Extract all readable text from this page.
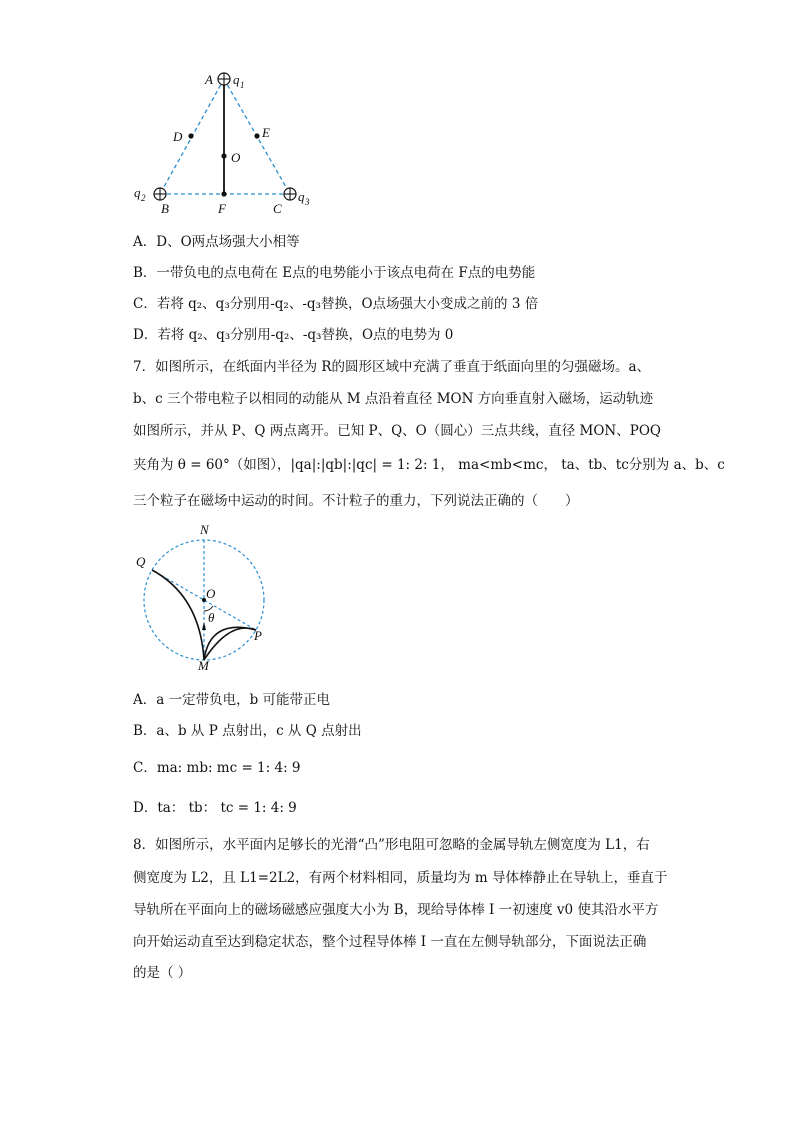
A q 1
D	E
O
q 2
B	F	C
q 3
A．D、O两点场强大小相等
B．一带负电的点电荷在 E点的电势能小于该点电荷在 F点的电势能
C．若将 q₂、q₃分别用-q₂、-q₃替换，O点场强大小变成之前的 3 倍
D．若将 q₂、q₃分别用-q₂、-q₃替换，O点的电势为 0
7．如图所示，在纸面内半径为 R的圆形区域中充满了垂直于纸面向里的匀强磁场。a、
b、c 三个带电粒子以相同的动能从 M 点沿着直径 MON 方向垂直射入磁场，运动轨迹
如图所示，并从 P、Q 两点离开。已知 P、Q、O（圆心）三点共线，直径 MON、POQ
夹角为 θ = 60°（如图），|qa|:|qb|:|qc| = 1: 2: 1， ma<mb<mc， ta、tb、tc分别为 a、b、c
三个粒子在磁场中运动的时间。不计粒子的重力，下列说法正确的（　　）
N
Q
O
θ
P
M
A．a 一定带负电，b 可能带正电
B．a、b 从 P 点射出，c 从 Q 点射出
C．ma: mb: mc = 1: 4: 9
D．ta： tb： tc = 1: 4: 9
8．如图所示，水平面内足够长的光滑“凸”形电阻可忽略的金属导轨左侧宽度为 L1，右
侧宽度为 L2，且 L1=2L2，有两个材料相同，质量均为 m 导体棒静止在导轨上，垂直于
导轨所在平面向上的磁场磁感应强度大小为 B，现给导体棒 I 一初速度 v0 使其沿水平方
向开始运动直至达到稳定状态，整个过程导体棒 I 一直在左侧导轨部分，下面说法正确
的是（ ）
